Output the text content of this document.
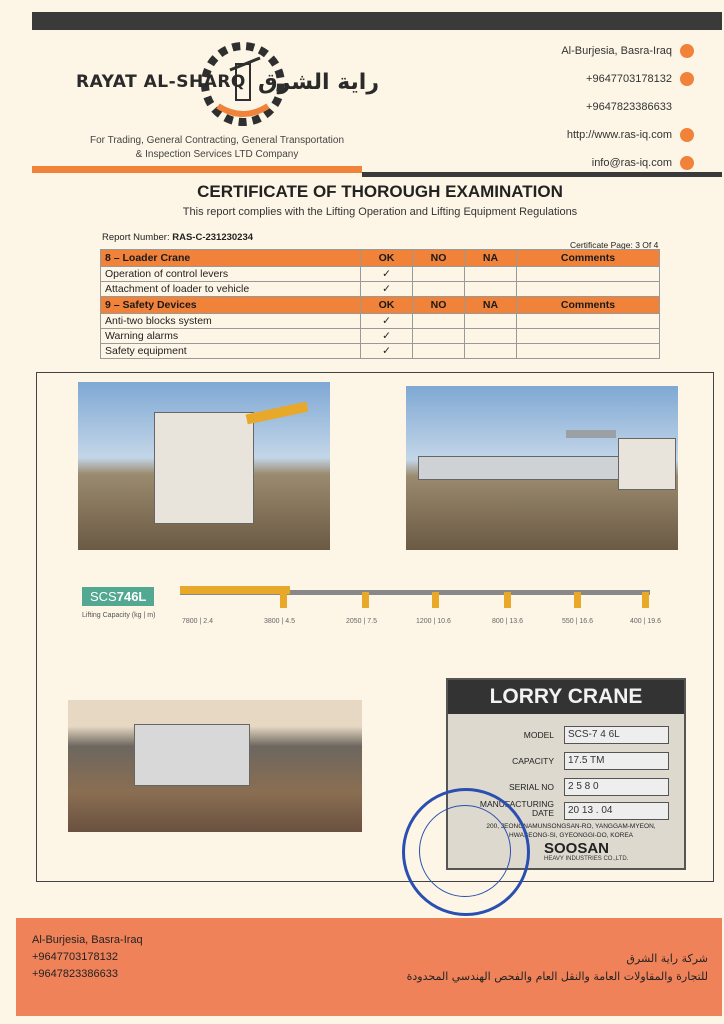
RAYAT AL-SHARQ راية الشرق
For Trading, General Contracting, General Transportation
& Inspection Services LTD Company
Al-Burjesia, Basra-Iraq
+9647703178132
+9647823386633
http://www.ras-iq.com
info@ras-iq.com
CERTIFICATE OF THOROUGH EXAMINATION
This report complies with the Lifting Operation and Lifting Equipment Regulations
Report Number: RAS-C-231230234
Certificate Page: 3 Of 4
8 – Loader Crane	OK	NO	NA	Comments
Operation of control levers	✓			
Attachment of loader to vehicle	✓			
9 – Safety Devices	OK	NO	NA	Comments
Anti-two blocks system	✓			
Warning alarms	✓			
Safety equipment	✓			
SCS746L
Lifting Capacity (kg | m)
7800 | 2.4	3800 | 4.5	2050 | 7.5	1200 | 10.6	800 | 13.6	550 | 16.6	400 | 19.6
LORRY CRANE
MODEL	SCS-7 4 6L
CAPACITY	17.5 TM
SERIAL NO	2 5 8 0
MANUFACTURING
DATE	20 13 . 04
200, JEONGNAMUNSONGSAN-RO, YANGGAM-MYEON, HWASEONG-SI, GYEONGGI-DO, KOREA
SOOSAN
HEAVY INDUSTRIES CO.,LTD.
Al-Burjesia, Basra-Iraq
+9647703178132
+9647823386633
شركة راية الشرق
للتجارة والمقاولات العامة والنقل العام والفحص الهندسي المحدودة
